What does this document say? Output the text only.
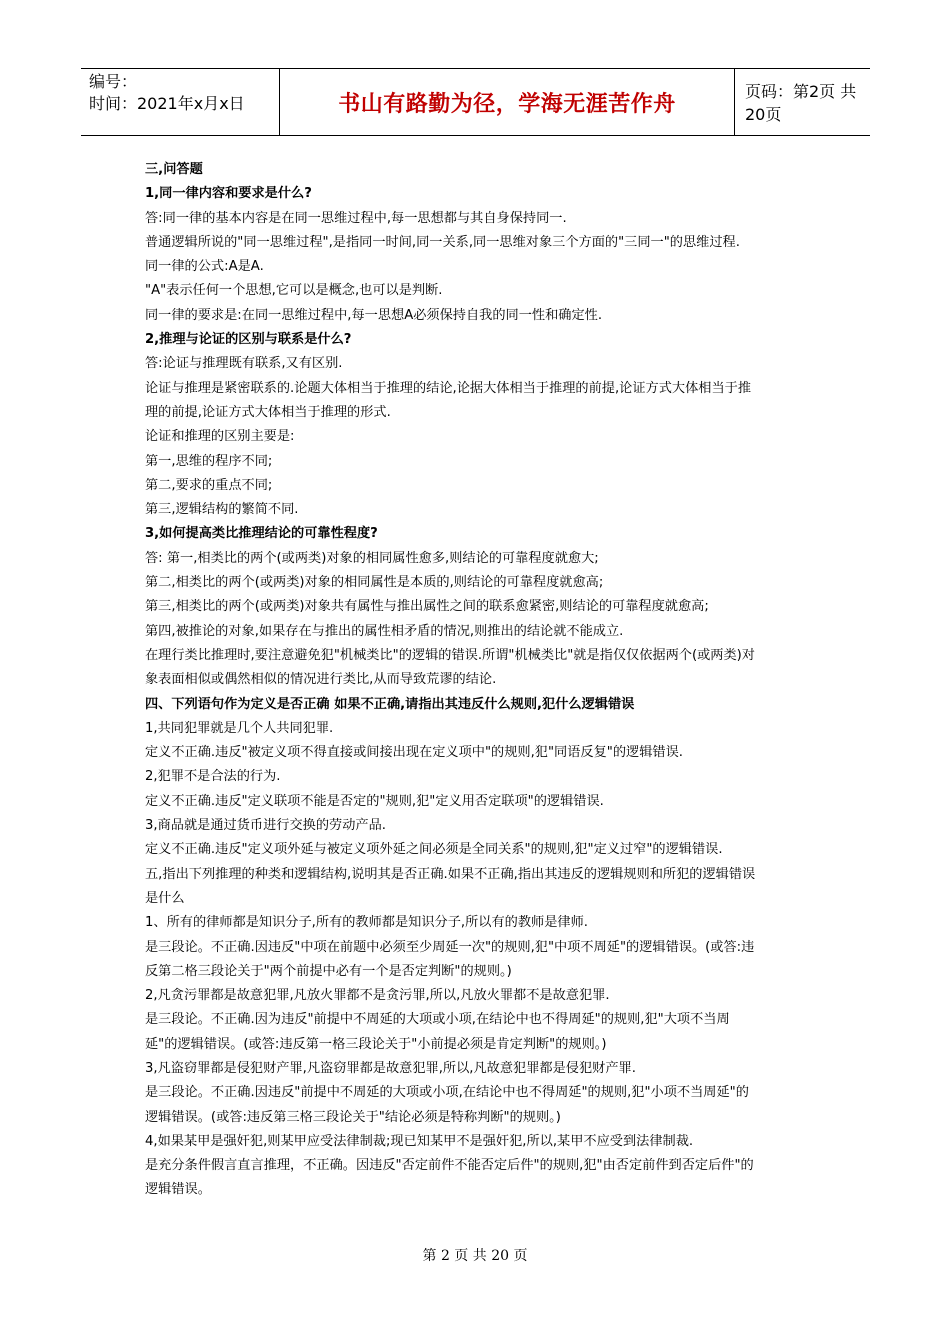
编号：
时间：2021年x月x日	书山有路勤为径，学海无涯苦作舟	页码：第2页 共20页

三,问答题

1,同一律内容和要求是什么?

答:同一律的基本内容是在同一思维过程中,每一思想都与其自身保持同一.

普通逻辑所说的"同一思维过程",是指同一时间,同一关系,同一思维对象三个方面的"三同一"的思维过程.

同一律的公式:A是A.

"A"表示任何一个思想,它可以是概念,也可以是判断.

同一律的要求是:在同一思维过程中,每一思想A必须保持自我的同一性和确定性.

2,推理与论证的区别与联系是什么?

答:论证与推理既有联系,又有区别.

论证与推理是紧密联系的.论题大体相当于推理的结论,论据大体相当于推理的前提,论证方式大体相当于推

理的前提,论证方式大体相当于推理的形式.

论证和推理的区别主要是:

第一,思维的程序不同;

第二,要求的重点不同;

第三,逻辑结构的繁简不同.

3,如何提高类比推理结论的可靠性程度?

答: 第一,相类比的两个(或两类)对象的相同属性愈多,则结论的可靠程度就愈大;

第二,相类比的两个(或两类)对象的相同属性是本质的,则结论的可靠程度就愈高;

第三,相类比的两个(或两类)对象共有属性与推出属性之间的联系愈紧密,则结论的可靠程度就愈高;

第四,被推论的对象,如果存在与推出的属性相矛盾的情况,则推出的结论就不能成立.

在理行类比推理时,要注意避免犯"机械类比"的逻辑的错误.所谓"机械类比"就是指仅仅依据两个(或两类)对

象表面相似或偶然相似的情况进行类比,从而导致荒谬的结论.

四、下列语句作为定义是否正确 如果不正确,请指出其违反什么规则,犯什么逻辑错误

1,共同犯罪就是几个人共同犯罪.

定义不正确.违反"被定义项不得直接或间接出现在定义项中"的规则,犯"同语反复"的逻辑错误.

2,犯罪不是合法的行为.

定义不正确.违反"定义联项不能是否定的"规则,犯"定义用否定联项"的逻辑错误.

3,商品就是通过货币进行交换的劳动产品.

定义不正确.违反"定义项外延与被定义项外延之间必须是全同关系"的规则,犯"定义过窄"的逻辑错误.

五,指出下列推理的种类和逻辑结构,说明其是否正确.如果不正确,指出其违反的逻辑规则和所犯的逻辑错误

是什么

1、所有的律师都是知识分子,所有的教师都是知识分子,所以有的教师是律师.

是三段论。不正确.因违反"中项在前题中必须至少周延一次"的规则,犯"中项不周延"的逻辑错误。(或答:违

反第二格三段论关于"两个前提中必有一个是否定判断"的规则。)

2,凡贪污罪都是故意犯罪,凡放火罪都不是贪污罪,所以,凡放火罪都不是故意犯罪.

是三段论。不正确.因为违反"前提中不周延的大项或小项,在结论中也不得周延"的规则,犯"大项不当周

延"的逻辑错误。(或答:违反第一格三段论关于"小前提必须是肯定判断"的规则。)

3,凡盗窃罪都是侵犯财产罪,凡盗窃罪都是故意犯罪,所以,凡故意犯罪都是侵犯财产罪.

是三段论。不正确.因违反"前提中不周延的大项或小项,在结论中也不得周延"的规则,犯"小项不当周延"的

逻辑错误。(或答:违反第三格三段论关于"结论必须是特称判断"的规则。)

4,如果某甲是强奸犯,则某甲应受法律制裁;现已知某甲不是强奸犯,所以,某甲不应受到法律制裁.

是充分条件假言直言推理，不正确。因违反"否定前件不能否定后件"的规则,犯"由否定前件到否定后件"的

逻辑错误。

第 2 页 共 20 页
